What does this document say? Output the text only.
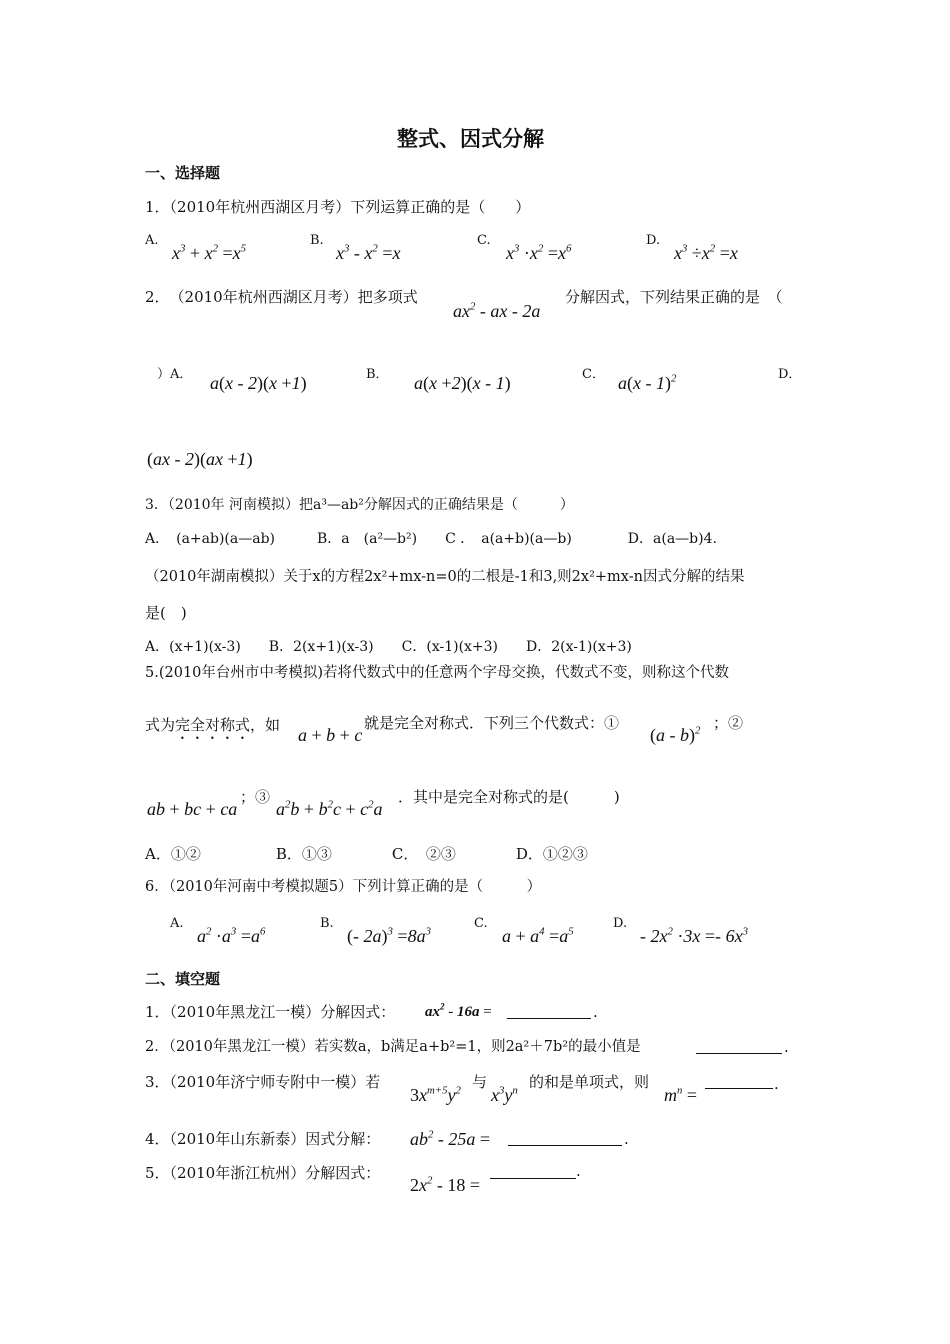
整式、因式分解
一、选择题
1．（2010年杭州西湖区月考）下列运算正确的是（　　）
A.
$x^3 + x^2 =x^5$
B.
$x^3 - x^2 =x$
C.
$x^3 \cdot x^2 =x^6$
D.
$x^3 \div x^2 =x$
2．　（2010年杭州西湖区月考）把多项式
$ax^2$ - ax - 2a
分解因式，下列结果正确的是　（
）A． a(x - 2)(x +1)	B． a(x +2)(x - 1)	C． a(x - 1)$^2$	D．
(ax - 2)(ax +1)
3．（2010年 河南模拟）把a³—ab²分解因式的正确结果是（　　　）
A．　(a+ab)(a—ab)　　　B．a　(a²—b²)　　C ．　a(a+b)(a—b)　　　　D．a(a—b)4.
（2010年湖南模拟）关于x的方程2x²+mx-n=0的二根是-1和3,则2x²+mx-n因式分解的结果
是(　)
A．(x+1)(x-3)　　B．2(x+1)(x-3)　　C．(x-1)(x+3)　　D．2(x-1)(x+3)
5.(2010年台州市中考模拟)若将代数式中的任意两个字母交换，代数式不变，则称这个代数
式为完全对称式，如 a + b + c
就是完全对称式．下列三个代数式：①
(a - b)$^2$ ；②
ab + bc + ca
；③
$a^2b + b^2c + c^2a$
．其中是完全对称式的是(　　　)
A．①②　　　　　B．①③　　　　C．　②③　　　　D．①②③
6．（2010年河南中考模拟题5）下列计算正确的是（　　　）
A.
$a^2 \cdot a^3 =a^6$
B.
(- $2a)^3 =8a^3$
C.
$a + a^4 =a^5$
D.
- $2x^2 \cdot 3x =- 6x^3$
二、填空题
1．（2010年黑龙江一模）分解因式： $ax^2 - 16a$ =	.
2．（2010年黑龙江一模）若实数a，b满足a+b²=1，则2a²＋7b²的最小值是	.
3．（2010年济宁师专附中一模）若
$3x^{m+5}y^2$ 与
$x^3y^n$ 的和是单项式，则
$m^n$ =
.
4．（2010年山东新泰）因式分解： $ab^2 - 25a$ =	.
5．（2010年浙江杭州）分解因式：
$2x^2 - 18$ =
.
